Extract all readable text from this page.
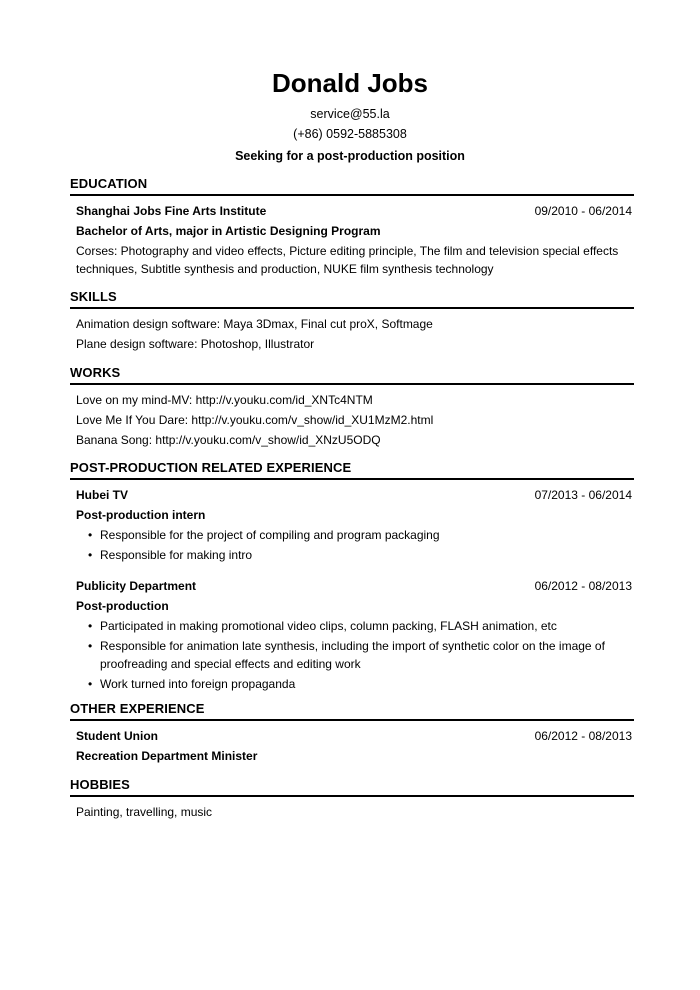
Donald Jobs
service@55.la
(+86) 0592-5885308
Seeking for a post-production position
EDUCATION
Shanghai Jobs Fine Arts Institute	09/2010 - 06/2014
Bachelor of Arts, major in Artistic Designing Program
Corses: Photography and video effects, Picture editing principle, The film and television special effects techniques, Subtitle synthesis and production, NUKE film synthesis technology
SKILLS
Animation design software: Maya 3Dmax, Final cut proX, Softmage
Plane design software: Photoshop, Illustrator
WORKS
Love on my mind-MV: http://v.youku.com/id_XNTc4NTM
Love Me If You Dare: http://v.youku.com/v_show/id_XU1MzM2.html
Banana Song: http://v.youku.com/v_show/id_XNzU5ODQ
POST-PRODUCTION RELATED EXPERIENCE
Hubei TV	07/2013 - 06/2014
Post-production intern
• Responsible for the project of compiling and program packaging
• Responsible for making intro
Publicity Department	06/2012 - 08/2013
Post-production
• Participated in making promotional video clips, column packing, FLASH animation, etc
• Responsible for animation late synthesis, including the import of synthetic color on the image of proofreading and special effects and editing work
• Work turned into foreign propaganda
OTHER EXPERIENCE
Student Union	06/2012 - 08/2013
Recreation Department Minister
HOBBIES
Painting, travelling, music
